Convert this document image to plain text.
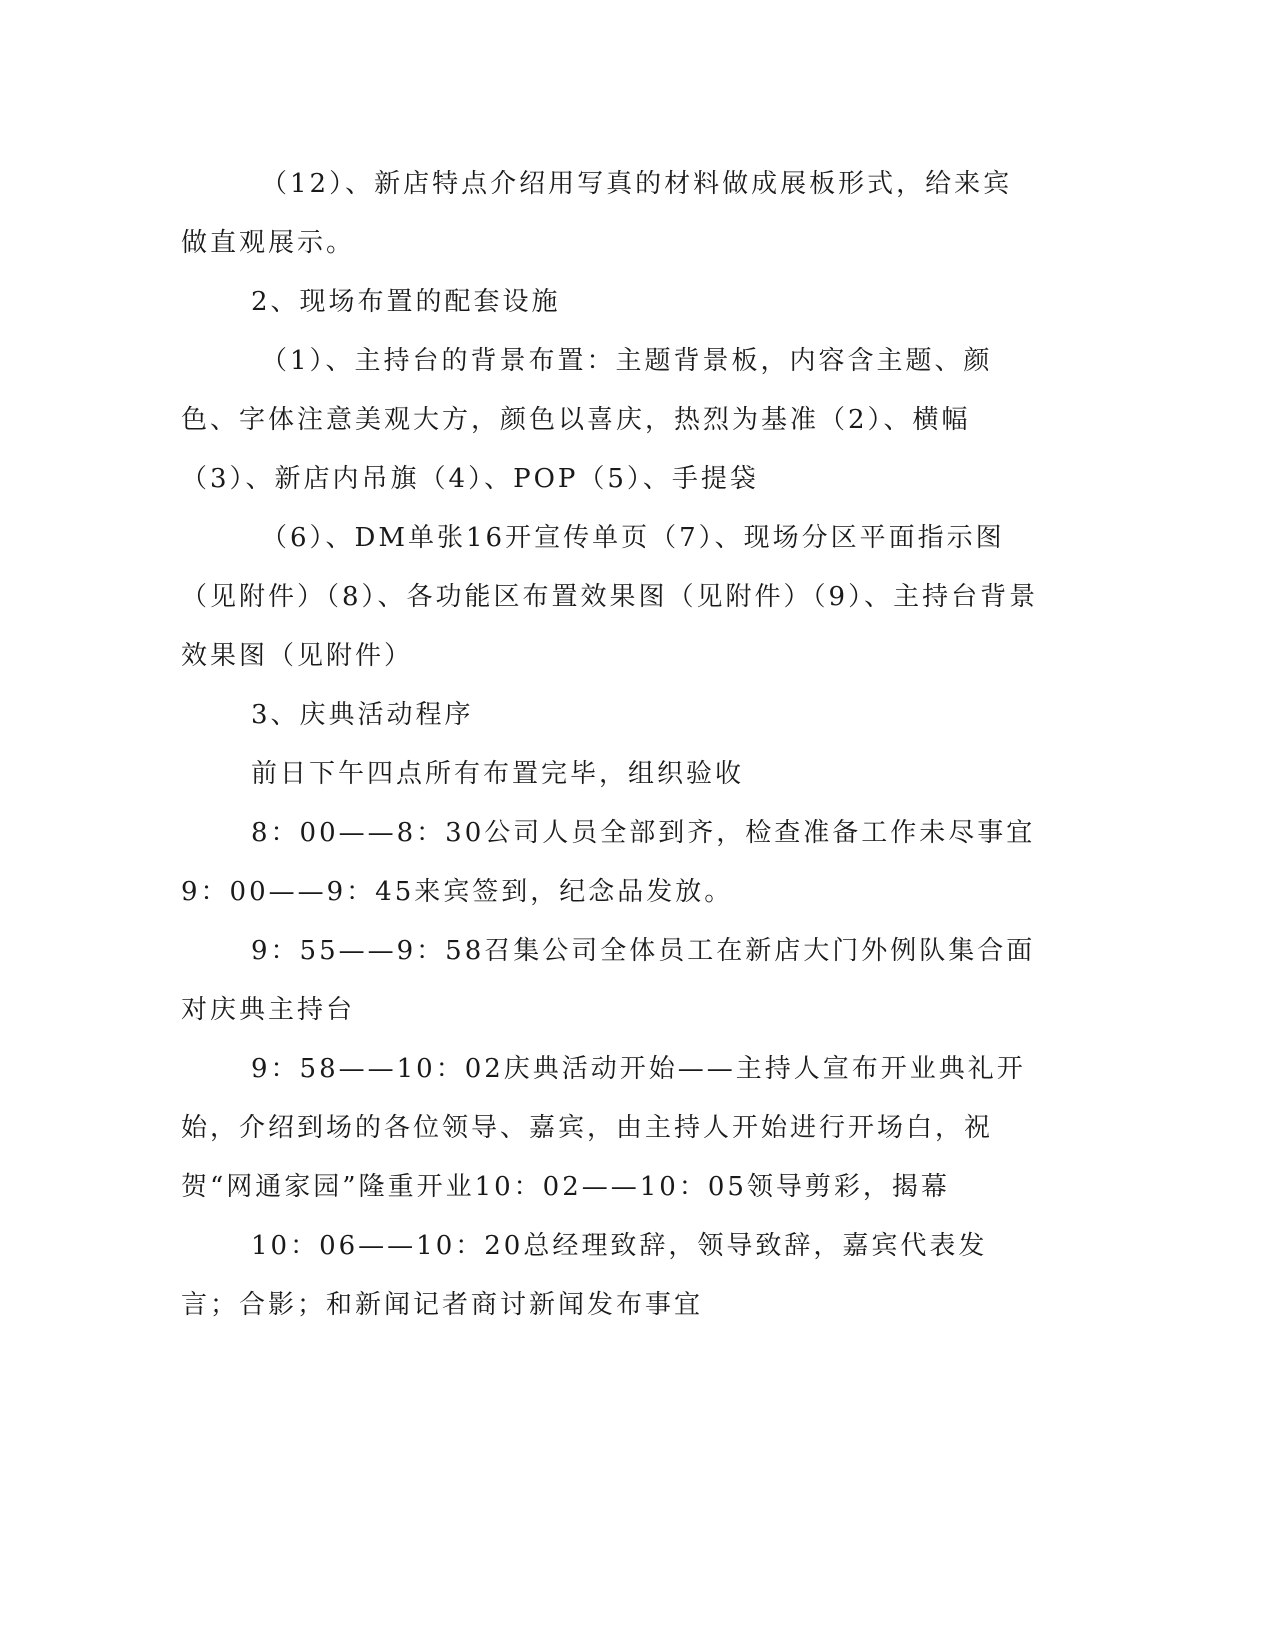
（12）、新店特点介绍用写真的材料做成展板形式，给来宾做直观展示。

2、现场布置的配套设施

（1）、主持台的背景布置：主题背景板，内容含主题、颜色、字体注意美观大方，颜色以喜庆，热烈为基准（2）、横幅（3）、新店内吊旗（4）、POP（5）、手提袋

（6）、DM单张16开宣传单页（7）、现场分区平面指示图（见附件）（8）、各功能区布置效果图（见附件）（9）、主持台背景效果图（见附件）

3、庆典活动程序

前日下午四点所有布置完毕，组织验收

8：00——8：30公司人员全部到齐，检查准备工作未尽事宜9：00——9：45来宾签到，纪念品发放。

9：55——9：58召集公司全体员工在新店大门外例队集合面对庆典主持台

9：58——10：02庆典活动开始——主持人宣布开业典礼开始，介绍到场的各位领导、嘉宾，由主持人开始进行开场白，祝贺“网通家园”隆重开业10：02——10：05领导剪彩，揭幕

10：06——10：20总经理致辞，领导致辞，嘉宾代表发言；合影；和新闻记者商讨新闻发布事宜
